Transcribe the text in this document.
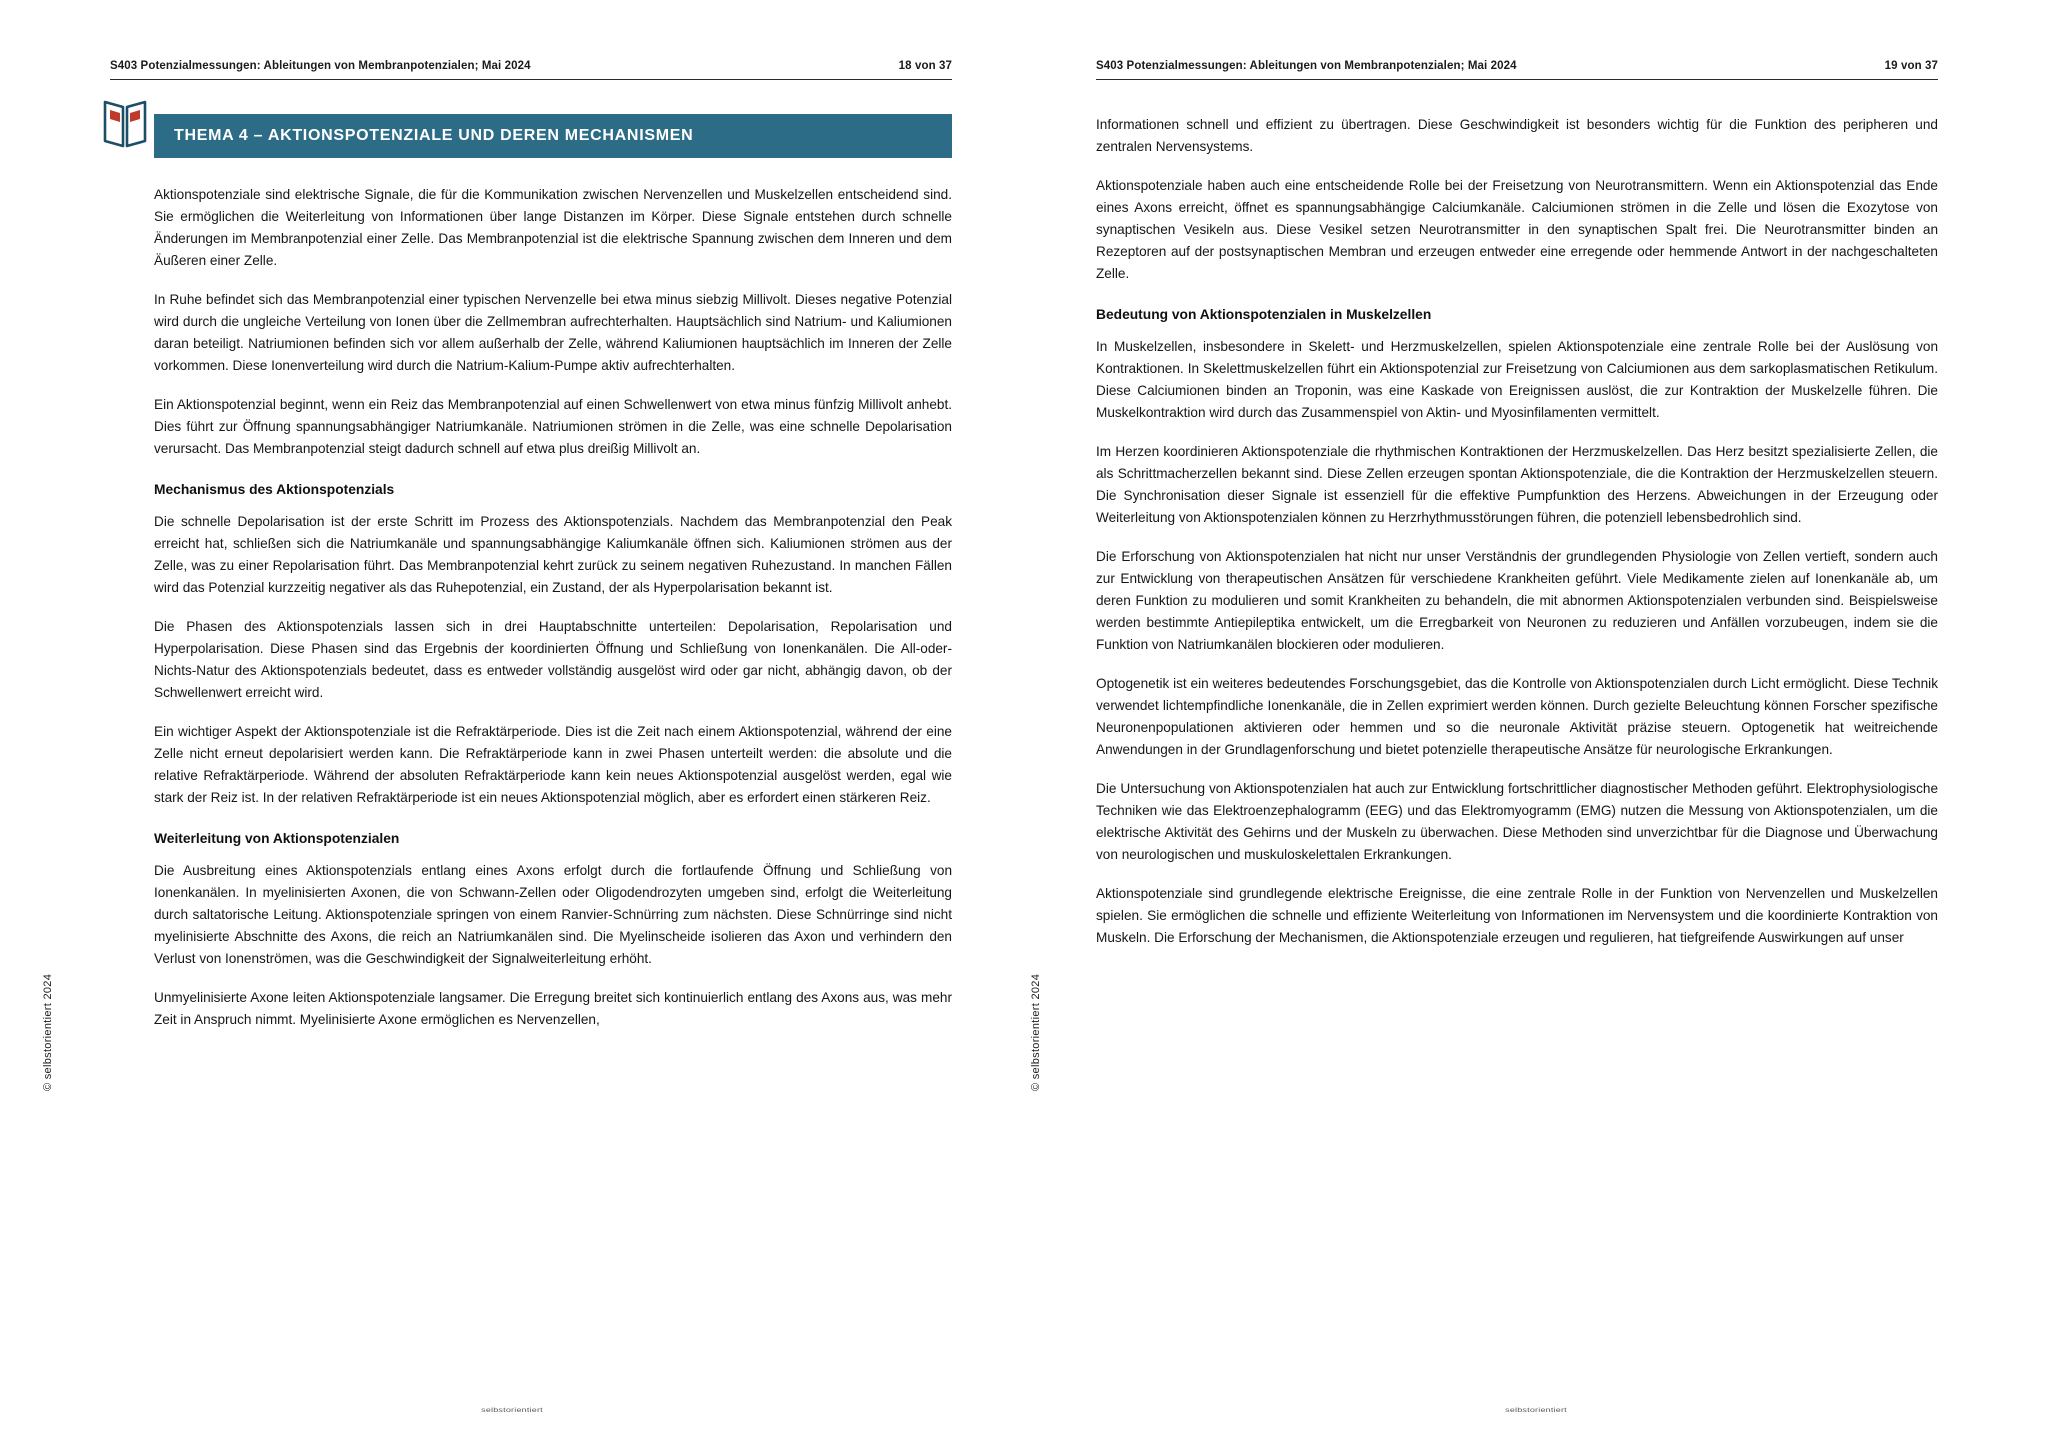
S403 Potenzialmessungen: Ableitungen von Membranpotenzialen; Mai 2024	18 von 37
© selbstorientiert 2024
THEMA 4 – AKTIONSPOTENZIALE UND DEREN MECHANISMEN

Aktionspotenziale sind elektrische Signale, die für die Kommunikation zwischen Nervenzellen und Muskelzellen entscheidend sind. Sie ermöglichen die Weiterleitung von Informationen über lange Distanzen im Körper. Diese Signale entstehen durch schnelle Änderungen im Membranpotenzial einer Zelle. Das Membranpotenzial ist die elektrische Spannung zwischen dem Inneren und dem Äußeren einer Zelle.

In Ruhe befindet sich das Membranpotenzial einer typischen Nervenzelle bei etwa minus siebzig Millivolt. Dieses negative Potenzial wird durch die ungleiche Verteilung von Ionen über die Zellmembran aufrechterhalten. Hauptsächlich sind Natrium- und Kaliumionen daran beteiligt. Natriumionen befinden sich vor allem außerhalb der Zelle, während Kaliumionen hauptsächlich im Inneren der Zelle vorkommen. Diese Ionenverteilung wird durch die Natrium-Kalium-Pumpe aktiv aufrechterhalten.

Ein Aktionspotenzial beginnt, wenn ein Reiz das Membranpotenzial auf einen Schwellenwert von etwa minus fünfzig Millivolt anhebt. Dies führt zur Öffnung spannungsabhängiger Natriumkanäle. Natriumionen strömen in die Zelle, was eine schnelle Depolarisation verursacht. Das Membranpotenzial steigt dadurch schnell auf etwa plus dreißig Millivolt an.

Mechanismus des Aktionspotenzials

Die schnelle Depolarisation ist der erste Schritt im Prozess des Aktionspotenzials. Nachdem das Membranpotenzial den Peak erreicht hat, schließen sich die Natriumkanäle und spannungsabhängige Kaliumkanäle öffnen sich. Kaliumionen strömen aus der Zelle, was zu einer Repolarisation führt. Das Membranpotenzial kehrt zurück zu seinem negativen Ruhezustand. In manchen Fällen wird das Potenzial kurzzeitig negativer als das Ruhepotenzial, ein Zustand, der als Hyperpolarisation bekannt ist.

Die Phasen des Aktionspotenzials lassen sich in drei Hauptabschnitte unterteilen: Depolarisation, Repolarisation und Hyperpolarisation. Diese Phasen sind das Ergebnis der koordinierten Öffnung und Schließung von Ionenkanälen. Die All-oder-Nichts-Natur des Aktionspotenzials bedeutet, dass es entweder vollständig ausgelöst wird oder gar nicht, abhängig davon, ob der Schwellenwert erreicht wird.

Ein wichtiger Aspekt der Aktionspotenziale ist die Refraktärperiode. Dies ist die Zeit nach einem Aktionspotenzial, während der eine Zelle nicht erneut depolarisiert werden kann. Die Refraktärperiode kann in zwei Phasen unterteilt werden: die absolute und die relative Refraktärperiode. Während der absoluten Refraktärperiode kann kein neues Aktionspotenzial ausgelöst werden, egal wie stark der Reiz ist. In der relativen Refraktärperiode ist ein neues Aktionspotenzial möglich, aber es erfordert einen stärkeren Reiz.

Weiterleitung von Aktionspotenzialen

Die Ausbreitung eines Aktionspotenzials entlang eines Axons erfolgt durch die fortlaufende Öffnung und Schließung von Ionenkanälen. In myelinisierten Axonen, die von Schwann-Zellen oder Oligodendrozyten umgeben sind, erfolgt die Weiterleitung durch saltatorische Leitung. Aktionspotenziale springen von einem Ranvier-Schnürring zum nächsten. Diese Schnürringe sind nicht myelinisierte Abschnitte des Axons, die reich an Natriumkanälen sind. Die Myelinscheide isolieren das Axon und verhindern den Verlust von Ionenströmen, was die Geschwindigkeit der Signalweiterleitung erhöht.

Unmyelinisierte Axone leiten Aktionspotenziale langsamer. Die Erregung breitet sich kontinuierlich entlang des Axons aus, was mehr Zeit in Anspruch nimmt. Myelinisierte Axone ermöglichen es Nervenzellen,

selbstorientiert
S403 Potenzialmessungen: Ableitungen von Membranpotenzialen; Mai 2024	19 von 37
© selbstorientiert 2024

Informationen schnell und effizient zu übertragen. Diese Geschwindigkeit ist besonders wichtig für die Funktion des peripheren und zentralen Nervensystems.

Aktionspotenziale haben auch eine entscheidende Rolle bei der Freisetzung von Neurotransmittern. Wenn ein Aktionspotenzial das Ende eines Axons erreicht, öffnet es spannungsabhängige Calciumkanäle. Calciumionen strömen in die Zelle und lösen die Exozytose von synaptischen Vesikeln aus. Diese Vesikel setzen Neurotransmitter in den synaptischen Spalt frei. Die Neurotransmitter binden an Rezeptoren auf der postsynaptischen Membran und erzeugen entweder eine erregende oder hemmende Antwort in der nachgeschalteten Zelle.

Bedeutung von Aktionspotenzialen in Muskelzellen

In Muskelzellen, insbesondere in Skelett- und Herzmuskelzellen, spielen Aktionspotenziale eine zentrale Rolle bei der Auslösung von Kontraktionen. In Skelettmuskelzellen führt ein Aktionspotenzial zur Freisetzung von Calciumionen aus dem sarkoplasmatischen Retikulum. Diese Calciumionen binden an Troponin, was eine Kaskade von Ereignissen auslöst, die zur Kontraktion der Muskelzelle führen. Die Muskelkontraktion wird durch das Zusammenspiel von Aktin- und Myosinfilamenten vermittelt.

Im Herzen koordinieren Aktionspotenziale die rhythmischen Kontraktionen der Herzmuskelzellen. Das Herz besitzt spezialisierte Zellen, die als Schrittmacherzellen bekannt sind. Diese Zellen erzeugen spontan Aktionspotenziale, die die Kontraktion der Herzmuskelzellen steuern. Die Synchronisation dieser Signale ist essenziell für die effektive Pumpfunktion des Herzens. Abweichungen in der Erzeugung oder Weiterleitung von Aktionspotenzialen können zu Herzrhythmusstörungen führen, die potenziell lebensbedrohlich sind.

Die Erforschung von Aktionspotenzialen hat nicht nur unser Verständnis der grundlegenden Physiologie von Zellen vertieft, sondern auch zur Entwicklung von therapeutischen Ansätzen für verschiedene Krankheiten geführt. Viele Medikamente zielen auf Ionenkanäle ab, um deren Funktion zu modulieren und somit Krankheiten zu behandeln, die mit abnormen Aktionspotenzialen verbunden sind. Beispielsweise werden bestimmte Antiepileptika entwickelt, um die Erregbarkeit von Neuronen zu reduzieren und Anfällen vorzubeugen, indem sie die Funktion von Natriumkanälen blockieren oder modulieren.

Optogenetik ist ein weiteres bedeutendes Forschungsgebiet, das die Kontrolle von Aktionspotenzialen durch Licht ermöglicht. Diese Technik verwendet lichtempfindliche Ionenkanäle, die in Zellen exprimiert werden können. Durch gezielte Beleuchtung können Forscher spezifische Neuronenpopulationen aktivieren oder hemmen und so die neuronale Aktivität präzise steuern. Optogenetik hat weitreichende Anwendungen in der Grundlagenforschung und bietet potenzielle therapeutische Ansätze für neurologische Erkrankungen.

Die Untersuchung von Aktionspotenzialen hat auch zur Entwicklung fortschrittlicher diagnostischer Methoden geführt. Elektrophysiologische Techniken wie das Elektroenzephalogramm (EEG) und das Elektromyogramm (EMG) nutzen die Messung von Aktionspotenzialen, um die elektrische Aktivität des Gehirns und der Muskeln zu überwachen. Diese Methoden sind unverzichtbar für die Diagnose und Überwachung von neurologischen und muskuloskelettalen Erkrankungen.

Aktionspotenziale sind grundlegende elektrische Ereignisse, die eine zentrale Rolle in der Funktion von Nervenzellen und Muskelzellen spielen. Sie ermöglichen die schnelle und effiziente Weiterleitung von Informationen im Nervensystem und die koordinierte Kontraktion von Muskeln. Die Erforschung der Mechanismen, die Aktionspotenziale erzeugen und regulieren, hat tiefgreifende Auswirkungen auf unser

selbstorientiert
